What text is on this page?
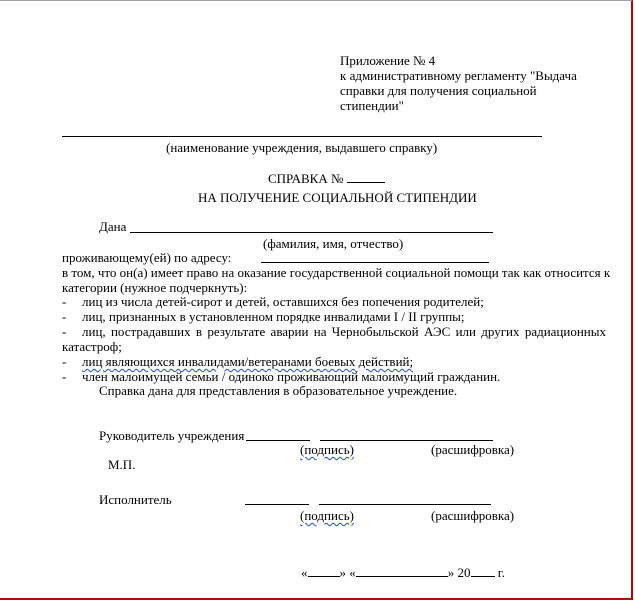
Приложение № 4
к административному регламенту "Выдача
справки для получения социальной
стипендии"
(наименование учреждения, выдавшего справку)
СПРАВКА №
НА ПОЛУЧЕНИЕ СОЦИАЛЬНОЙ СТИПЕНДИИ
Дана
(фамилия, имя, отчество)
проживающему(ей) по адресу:
в том, что он(а) имеет право на оказание государственной социальной помощи так как относится к
категории (нужное подчеркнуть):
- лиц из числа детей-сирот и детей, оставшихся без попечения родителей;
- лиц, признанных в установленном порядке инвалидами I / II группы;
- лиц, пострадавших в результате аварии на Чернобыльской АЭС или других радиационных
катастроф;
- лиц являющихся инвалидами/ветеранами боевых действий;
- член малоимущей семьи / одиноко проживающий малоимущий гражданин.
Справка дана для представления в образовательное учреждение.
Руководитель учреждения
(подпись)	(расшифровка)
М.П.
Исполнитель
(подпись)	(расшифровка)
« » «	» 20 г.
